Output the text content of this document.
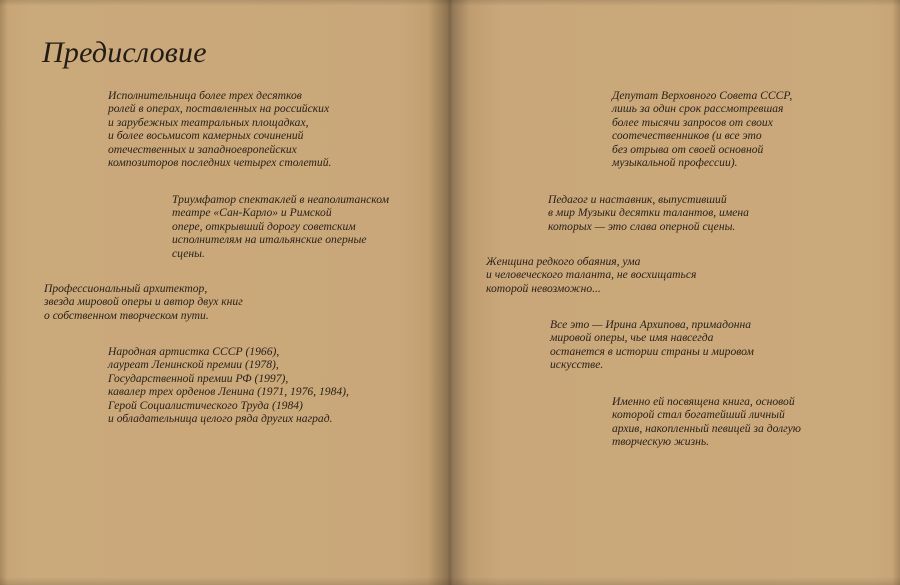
Предисловие

Исполнительница более трех десятков
ролей в операх, поставленных на российских
и зарубежных театральных площадках,
и более восьмисот камерных сочинений
отечественных и западноевропейских
композиторов последних четырех столетий.

Триумфатор спектаклей в неаполитанском
театре «Сан-Карло» и Римской
опере, открывший дорогу советским
исполнителям на итальянские оперные
сцены.

Профессиональный архитектор,
звезда мировой оперы и автор двух книг
о собственном творческом пути.

Народная артистка СССР (1966),
лауреат Ленинской премии (1978),
Государственной премии РФ (1997),
кавалер трех орденов Ленина (1971, 1976, 1984),
Герой Социалистического Труда (1984)
и обладательница целого ряда других наград.

Депутат Верховного Совета СССР,
лишь за один срок рассмотревшая
более тысячи запросов от своих
соотечественников (и все это
без отрыва от своей основной
музыкальной профессии).

Педагог и наставник, выпустивший
в мир Музыки десятки талантов, имена
которых — это слава оперной сцены.

Женщина редкого обаяния, ума
и человеческого таланта, не восхищаться
которой невозможно...

Все это — Ирина Архипова, примадонна
мировой оперы, чье имя навсегда
останется в истории страны и мировом
искусстве.

Именно ей посвящена книга, основой
которой стал богатейший личный
архив, накопленный певицей за долгую
творческую жизнь.
